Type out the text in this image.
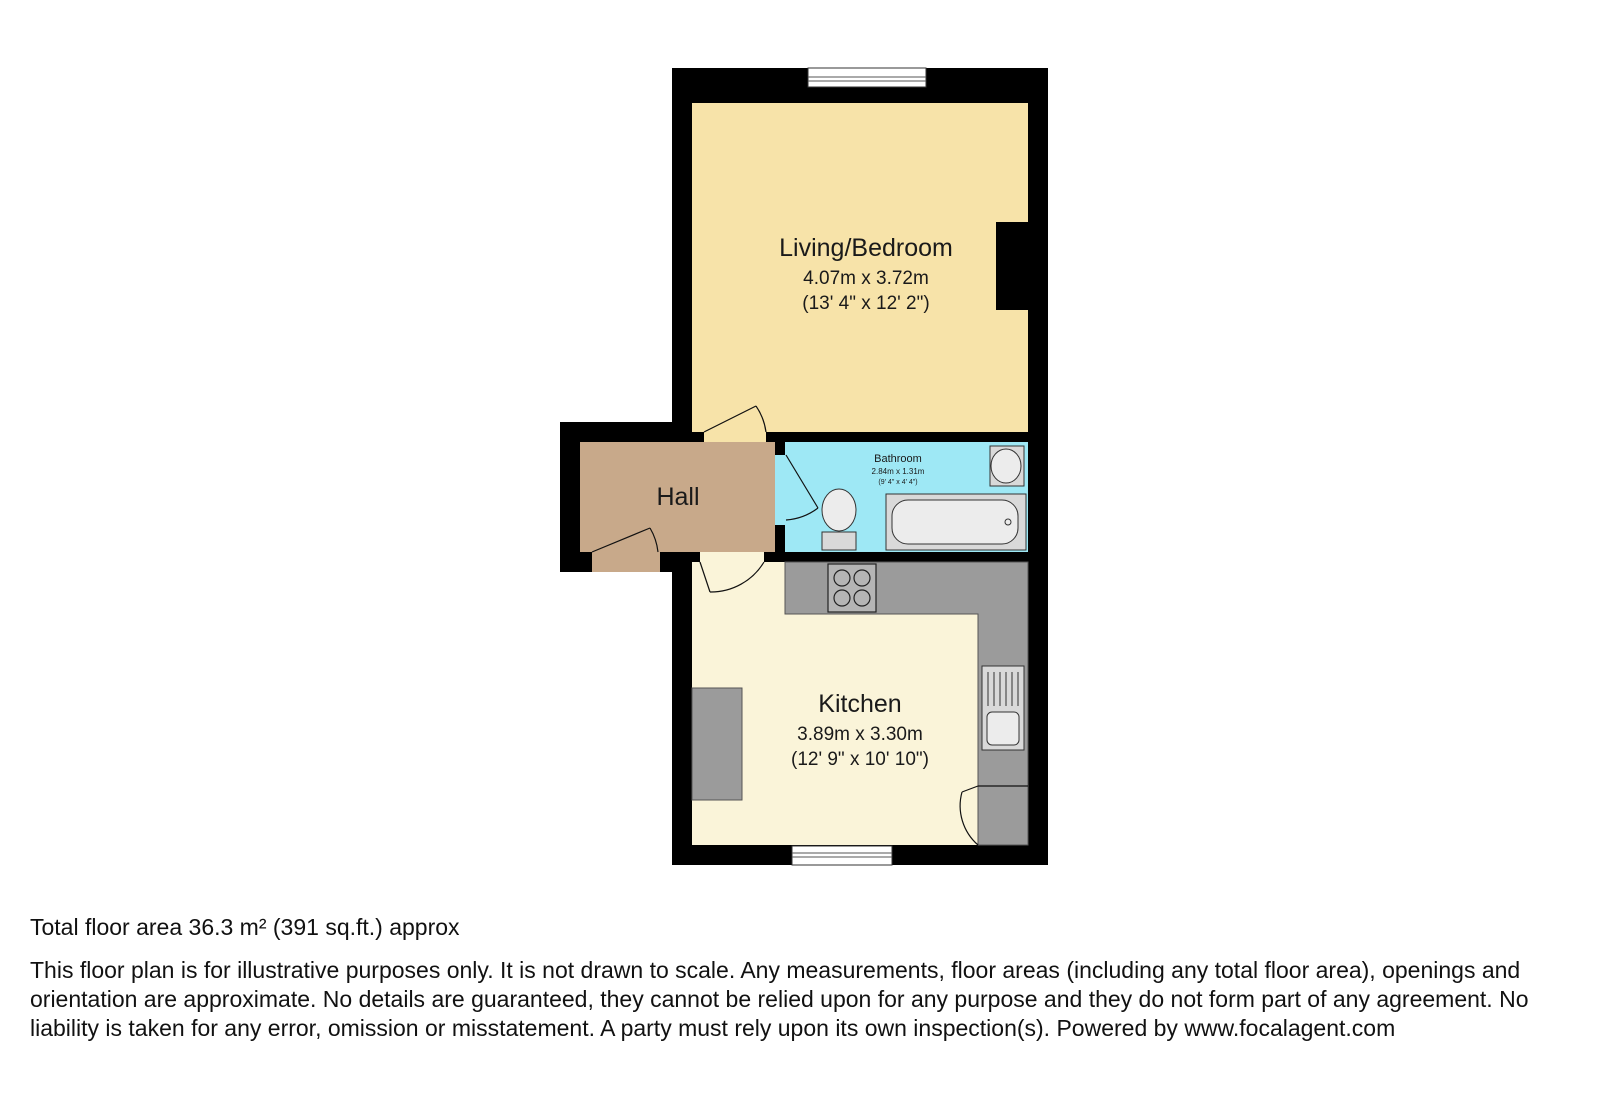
Living/Bedroom
4.07m x 3.72m
(13' 4" x 12' 2")
Bathroom
2.84m x 1.31m
(9' 4" x 4' 4")
Hall
Kitchen
3.89m x 3.30m
(12' 9" x 10' 10")

Total floor area 36.3 m² (391 sq.ft.) approx

This floor plan is for illustrative purposes only. It is not drawn to scale. Any measurements, floor areas (including any total floor area), openings and orientation are approximate. No details are guaranteed, they cannot be relied upon for any purpose and they do not form part of any agreement. No liability is taken for any error, omission or misstatement. A party must rely upon its own inspection(s). Powered by www.focalagent.com
